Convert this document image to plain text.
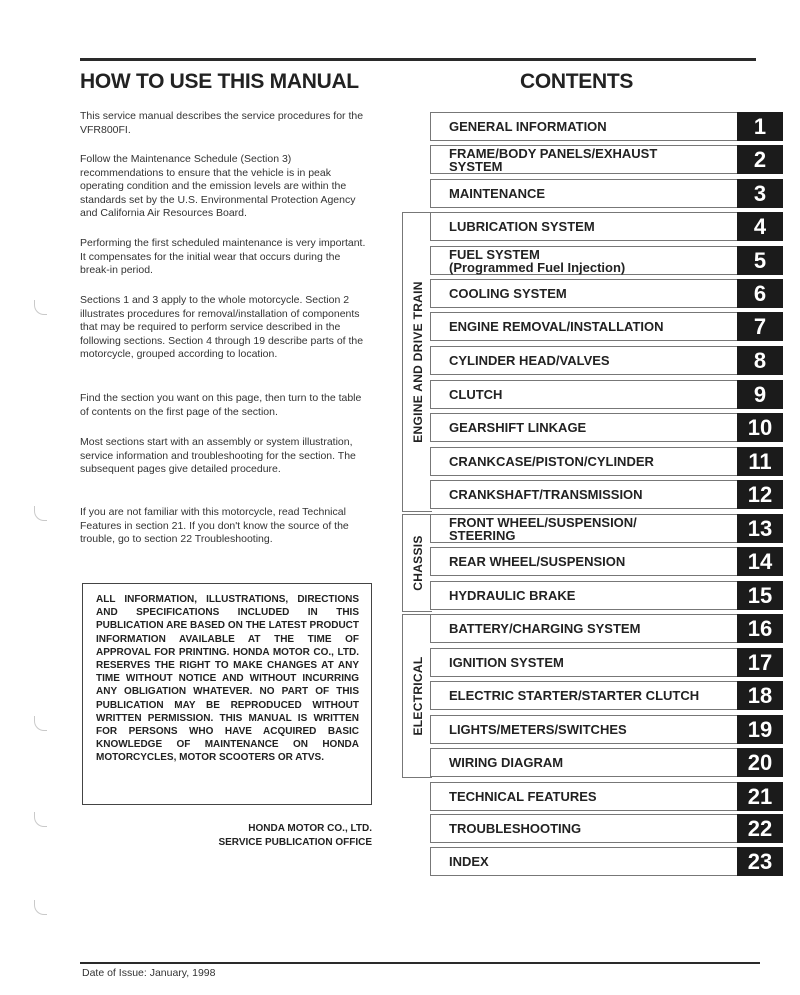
HOW TO USE THIS MANUAL	CONTENTS

This service manual describes the service procedures for the VFR800FI.

Follow the Maintenance Schedule (Section 3) recommendations to ensure that the vehicle is in peak operating condition and the emission levels are within the standards set by the U.S. Environmental Protection Agency and California Air Resources Board.

Performing the first scheduled maintenance is very important. It compensates for the initial wear that occurs during the break-in period.

Sections 1 and 3 apply to the whole motorcycle. Section 2 illustrates procedures for removal/installation of components that may be required to perform service described in the following sections. Section 4 through 19 describe parts of the motorcycle, grouped according to location.

Find the section you want on this page, then turn to the table of contents on the first page of the section.

Most sections start with an assembly or system illustration, service information and troubleshooting for the section. The subsequent pages give detailed procedure.

If you are not familiar with this motorcycle, read Technical Features in section 21. If you don't know the source of the trouble, go to section 22 Troubleshooting.

ALL INFORMATION, ILLUSTRATIONS, DIRECTIONS AND SPECIFICATIONS INCLUDED IN THIS PUBLICATION ARE BASED ON THE LATEST PRODUCT INFORMATION AVAILABLE AT THE TIME OF APPROVAL FOR PRINTING. HONDA MOTOR CO., LTD. RESERVES THE RIGHT TO MAKE CHANGES AT ANY TIME WITHOUT NOTICE AND WITHOUT INCURRING ANY OBLIGATION WHATEVER. NO PART OF THIS PUBLICATION MAY BE REPRODUCED WITHOUT WRITTEN PERMISSION. THIS MANUAL IS WRITTEN FOR PERSONS WHO HAVE ACQUIRED BASIC KNOWLEDGE OF MAINTENANCE ON HONDA MOTORCYCLES, MOTOR SCOOTERS OR ATVS.
HONDA MOTOR CO., LTD.
SERVICE PUBLICATION OFFICE
ENGINE AND DRIVE TRAIN
CHASSIS
ELECTRICAL
GENERAL INFORMATION	1
FRAME/BODY PANELS/EXHAUST
SYSTEM	2
MAINTENANCE	3
LUBRICATION SYSTEM	4
FUEL SYSTEM
(Programmed Fuel Injection)	5
COOLING SYSTEM	6
ENGINE REMOVAL/INSTALLATION	7
CYLINDER HEAD/VALVES	8
CLUTCH	9
GEARSHIFT LINKAGE	10
CRANKCASE/PISTON/CYLINDER	11
CRANKSHAFT/TRANSMISSION	12
FRONT WHEEL/SUSPENSION/
STEERING	13
REAR WHEEL/SUSPENSION	14
HYDRAULIC BRAKE	15
BATTERY/CHARGING SYSTEM	16
IGNITION SYSTEM	17
ELECTRIC STARTER/STARTER CLUTCH	18
LIGHTS/METERS/SWITCHES	19
WIRING DIAGRAM	20
TECHNICAL FEATURES	21
TROUBLESHOOTING	22
INDEX	23
Date of Issue: January, 1998
